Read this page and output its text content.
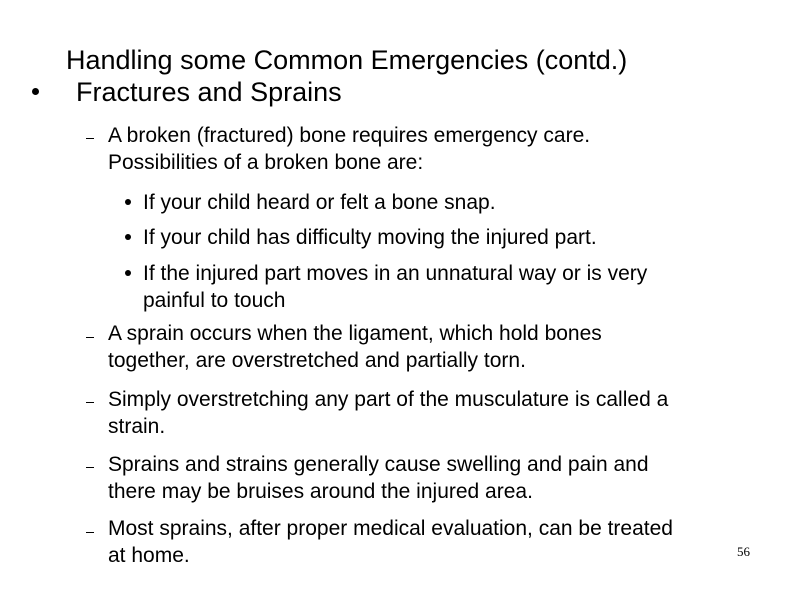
Handling some Common Emergencies (contd.)
Fractures and Sprains
A broken (fractured) bone requires emergency care.
Possibilities of a broken bone are:
If your child heard or felt a bone snap.
If your child has difficulty moving the injured part.
If the injured part moves in an unnatural way or is very
painful to touch
A sprain occurs when the ligament, which hold bones
together, are overstretched and partially torn.
Simply overstretching any part of the musculature is called a
strain.
Sprains and strains generally cause swelling and pain and
there may be bruises around the injured area.
Most sprains, after proper medical evaluation, can be treated
at home.	56
